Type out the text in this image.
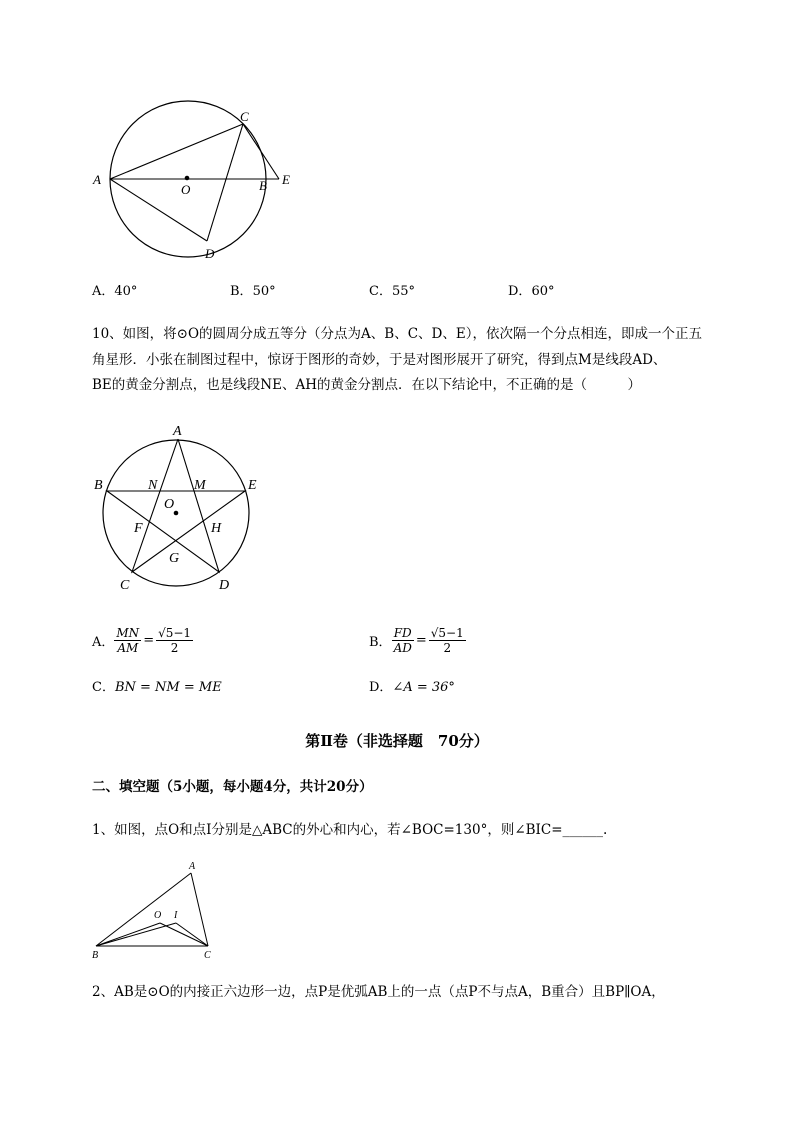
A
O	B E
C
D
A．40°	B．50°	C．55°	D．60°
10、如图，将⊙O的圆周分成五等分（分点为A、B、C、D、E），依次隔一个分点相连，即成一个正五
角星形．小张在制图过程中，惊讶于图形的奇妙，于是对图形展开了研究，得到点M是线段AD、
BE的黄金分割点，也是线段NE、AH的黄金分割点．在以下结论中，不正确的是（　　　）
A
B	E
N	M
O
F	H
G
C	D
A． $\frac{MN}{AM} = \frac{√5-1}{2}$	B． $\frac{FD}{AD} = \frac{√5-1}{2}$
C．BN = NM = ME	D．∠A = 36°
第Ⅱ卷（非选择题　70分）
二、填空题（5小题，每小题4分，共计20分）
1、如图，点O和点I分别是△ABC的外心和内心，若∠BOC=130°，则∠BIC=______.
A
O I
B	C
2、AB是⊙O的内接正六边形一边，点P是优弧AB上的一点（点P不与点A，B重合）且BP∥OA，
